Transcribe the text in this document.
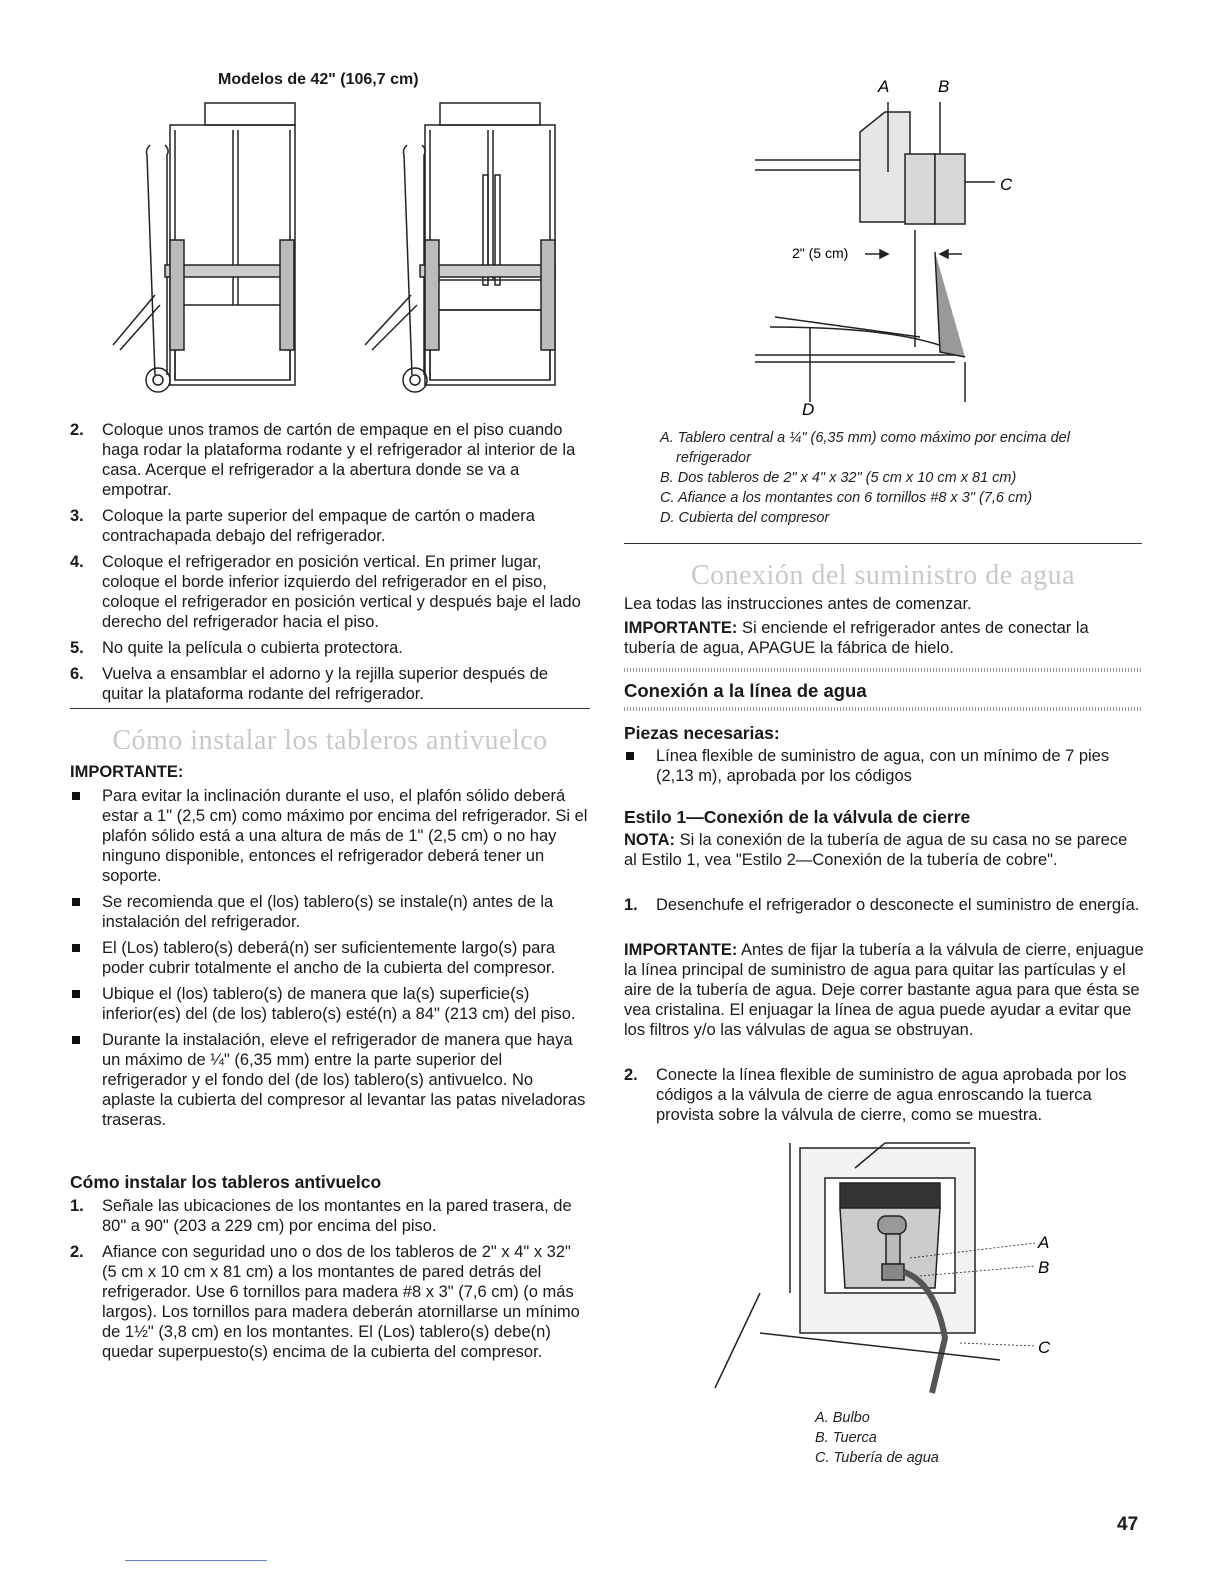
Modelos de 42" (106,7 cm)
2. Coloque unos tramos de cartón de empaque en el piso cuando haga rodar la plataforma rodante y el refrigerador al interior de la casa. Acerque el refrigerador a la abertura donde se va a empotrar.
3. Coloque la parte superior del empaque de cartón o madera contrachapada debajo del refrigerador.
4. Coloque el refrigerador en posición vertical. En primer lugar, coloque el borde inferior izquierdo del refrigerador en el piso, coloque el refrigerador en posición vertical y después baje el lado derecho del refrigerador hacia el piso.
5. No quite la película o cubierta protectora.
6. Vuelva a ensamblar el adorno y la rejilla superior después de quitar la plataforma rodante del refrigerador.
Cómo instalar los tableros antivuelco
IMPORTANTE:
Para evitar la inclinación durante el uso, el plafón sólido deberá estar a 1" (2,5 cm) como máximo por encima del refrigerador. Si el plafón sólido está a una altura de más de 1" (2,5 cm) o no hay ninguno disponible, entonces el refrigerador deberá tener un soporte.
Se recomienda que el (los) tablero(s) se instale(n) antes de la instalación del refrigerador.
El (Los) tablero(s) deberá(n) ser suficientemente largo(s) para poder cubrir totalmente el ancho de la cubierta del compresor.
Ubique el (los) tablero(s) de manera que la(s) superficie(s) inferior(es) del (de los) tablero(s) esté(n) a 84" (213 cm) del piso.
Durante la instalación, eleve el refrigerador de manera que haya un máximo de ¼" (6,35 mm) entre la parte superior del refrigerador y el fondo del (de los) tablero(s) antivuelco. No aplaste la cubierta del compresor al levantar las patas niveladoras traseras.
Cómo instalar los tableros antivuelco
1. Señale las ubicaciones de los montantes en la pared trasera, de 80" a 90" (203 a 229 cm) por encima del piso.
2. Afiance con seguridad uno o dos de los tableros de 2" x 4" x 32" (5 cm x 10 cm x 81 cm) a los montantes de pared detrás del refrigerador. Use 6 tornillos para madera #8 x 3" (7,6 cm) (o más largos). Los tornillos para madera deberán atornillarse un mínimo de 1½" (3,8 cm) en los montantes. El (Los) tablero(s) debe(n) quedar superpuesto(s) encima de la cubierta del compresor.
A	B
C
D
2" (5 cm)
A. Tablero central a ¼" (6,35 mm) como máximo por encima del refrigerador
B. Dos tableros de 2" x 4" x 32" (5 cm x 10 cm x 81 cm)
C. Afiance a los montantes con 6 tornillos #8 x 3" (7,6 cm)
D. Cubierta del compresor
Conexión del suministro de agua

Lea todas las instrucciones antes de comenzar.

IMPORTANTE: Si enciende el refrigerador antes de conectar la tubería de agua, APAGUE la fábrica de hielo.

Conexión a la línea de agua
Piezas necesarias:
Línea flexible de suministro de agua, con un mínimo de 7 pies (2,13 m), aprobada por los códigos
Estilo 1—Conexión de la válvula de cierre

NOTA: Si la conexión de la tubería de agua de su casa no se parece al Estilo 1, vea "Estilo 2—Conexión de la tubería de cobre".

1. Desenchufe el refrigerador o desconecte el suministro de energía.

IMPORTANTE: Antes de fijar la tubería a la válvula de cierre, enjuague la línea principal de suministro de agua para quitar las partículas y el aire de la tubería de agua. Deje correr bastante agua para que ésta se vea cristalina. El enjuagar la línea de agua puede ayudar a evitar que los filtros y/o las válvulas de agua se obstruyan.

2. Conecte la línea flexible de suministro de agua aprobada por los códigos a la válvula de cierre de agua enroscando la tuerca provista sobre la válvula de cierre, como se muestra.
A
B
C
A. Bulbo
B. Tuerca
C. Tubería de agua
47
